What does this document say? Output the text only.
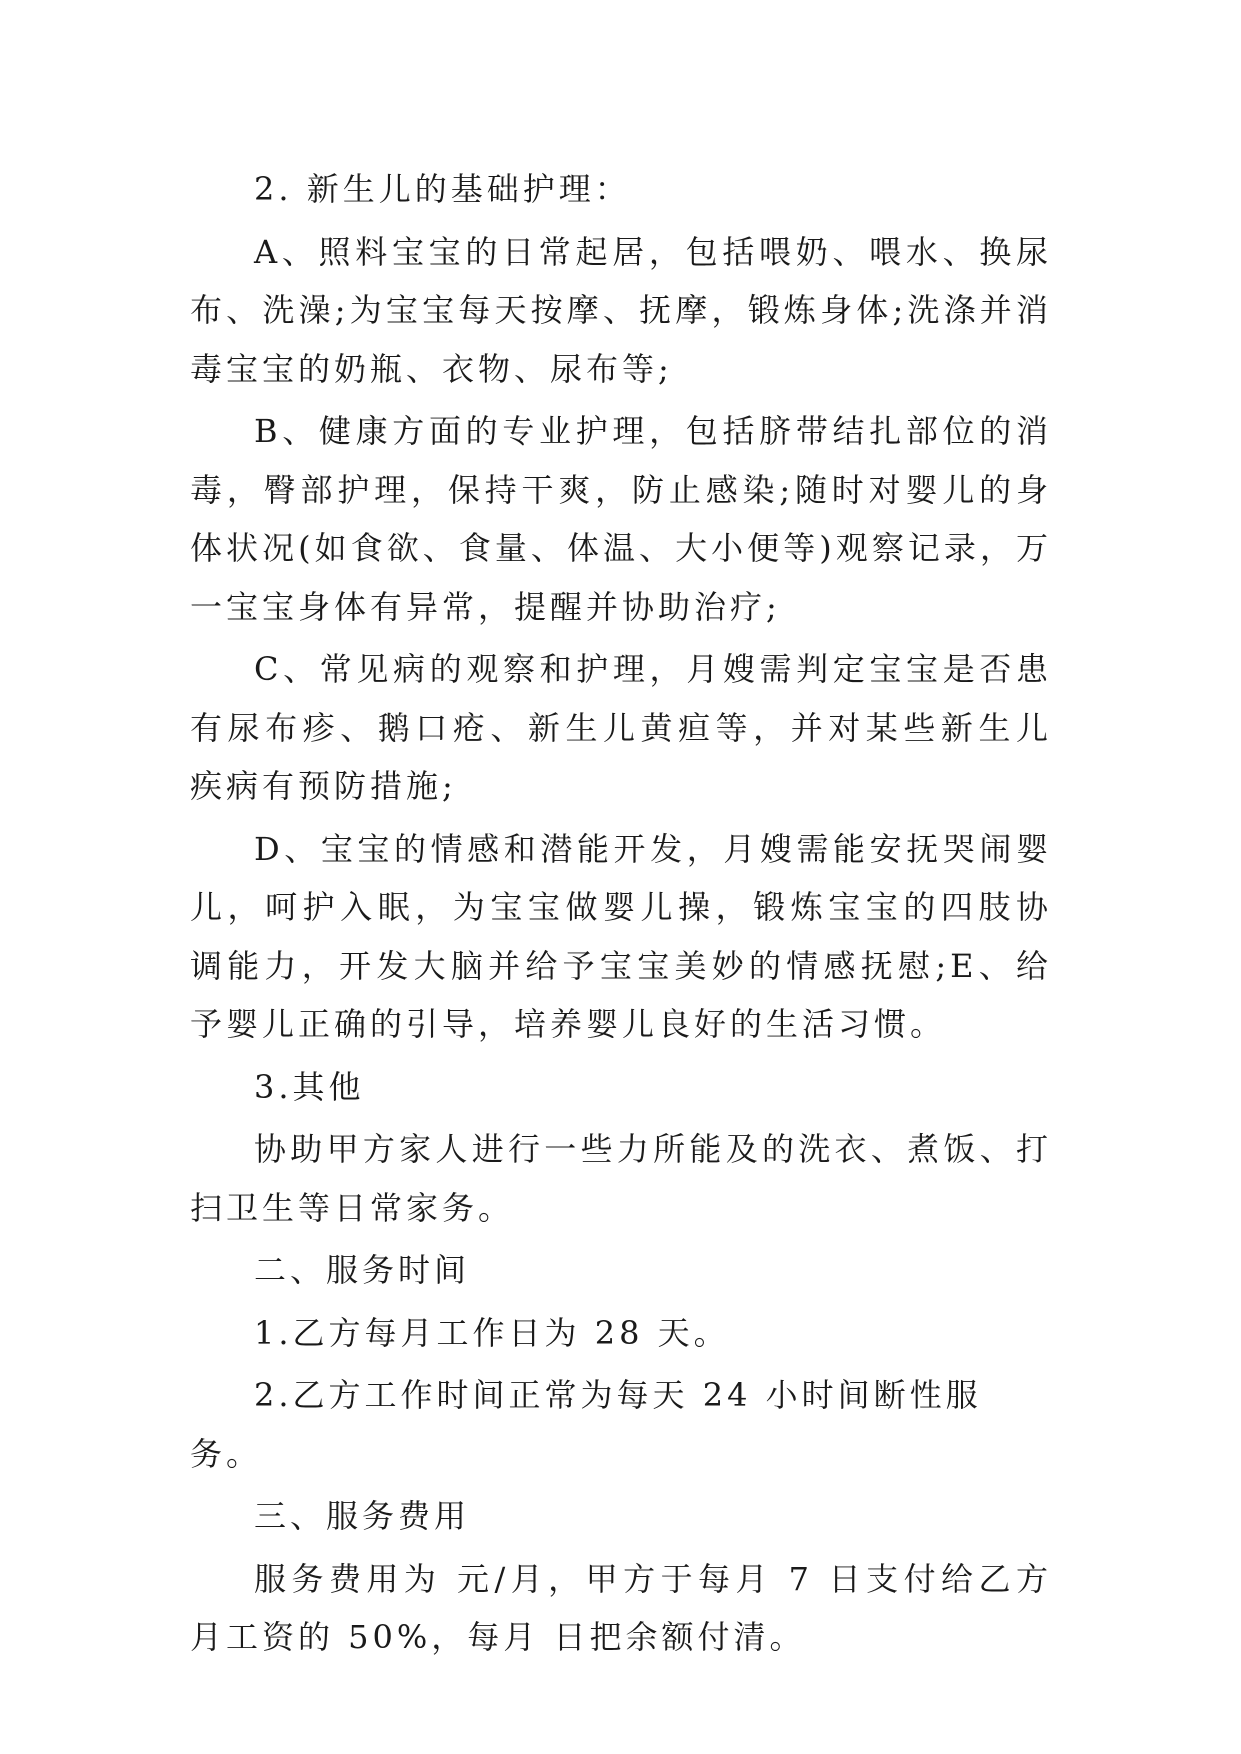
2. 新生儿的基础护理：

A、照料宝宝的日常起居，包括喂奶、喂水、换尿布、洗澡;为宝宝每天按摩、抚摩，锻炼身体;洗涤并消毒宝宝的奶瓶、衣物、尿布等;

B、健康方面的专业护理，包括脐带结扎部位的消毒，臀部护理，保持干爽，防止感染;随时对婴儿的身体状况(如食欲、食量、体温、大小便等)观察记录，万一宝宝身体有异常，提醒并协助治疗;

C、常见病的观察和护理，月嫂需判定宝宝是否患有尿布疹、鹅口疮、新生儿黄疸等，并对某些新生儿疾病有预防措施;

D、宝宝的情感和潜能开发，月嫂需能安抚哭闹婴儿，呵护入眠，为宝宝做婴儿操，锻炼宝宝的四肢协调能力，开发大脑并给予宝宝美妙的情感抚慰;E、给予婴儿正确的引导，培养婴儿良好的生活习惯。

3.其他

协助甲方家人进行一些力所能及的洗衣、煮饭、打扫卫生等日常家务。

二、服务时间

1.乙方每月工作日为 28 天。

2.乙方工作时间正常为每天 24 小时间断性服务。

三、服务费用

服务费用为 元/月，甲方于每月 7 日支付给乙方月工资的 50%，每月 日把余额付清。
